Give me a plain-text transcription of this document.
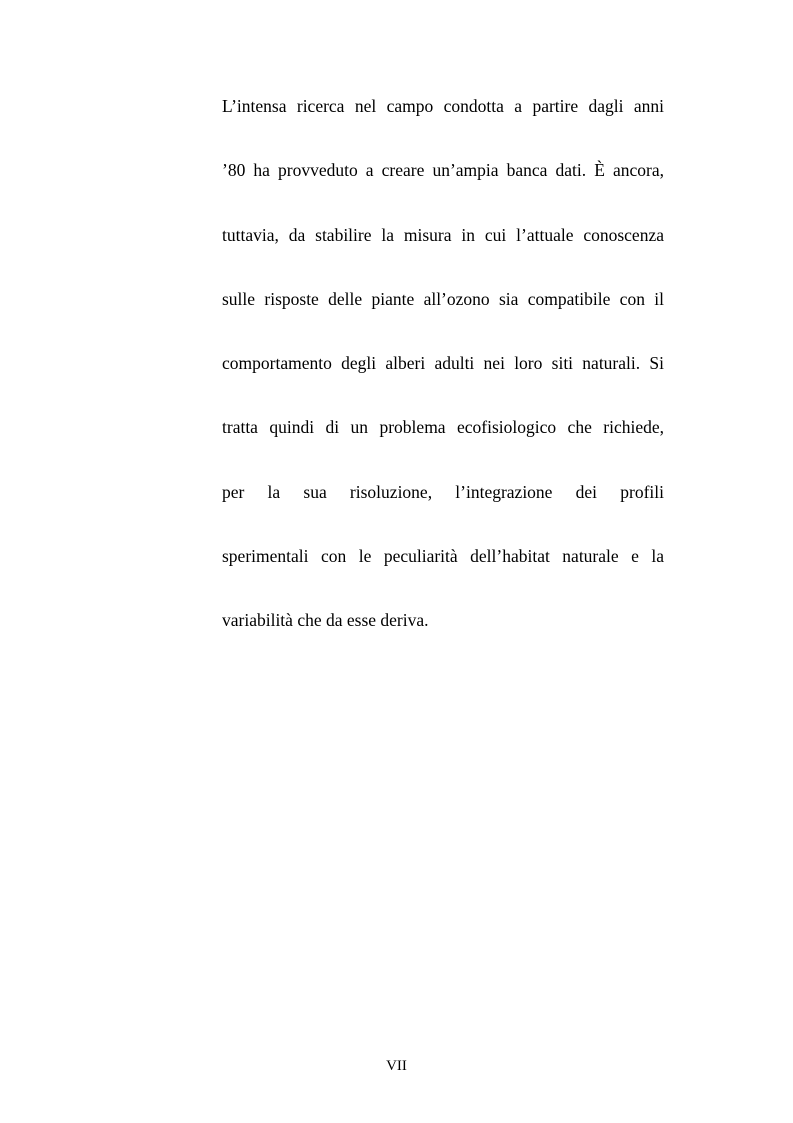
L’intensa ricerca nel campo condotta a partire dagli anni
’80 ha provveduto a creare un’ampia banca dati. È ancora,
tuttavia, da stabilire la misura in cui l’attuale conoscenza
sulle risposte delle piante all’ozono sia compatibile con il
comportamento degli alberi adulti nei loro siti naturali. Si
tratta quindi di un problema ecofisiologico che richiede,
per la sua risoluzione, l’integrazione dei profili
sperimentali con le peculiarità dell’habitat naturale e la
variabilità che da esse deriva.

VII
